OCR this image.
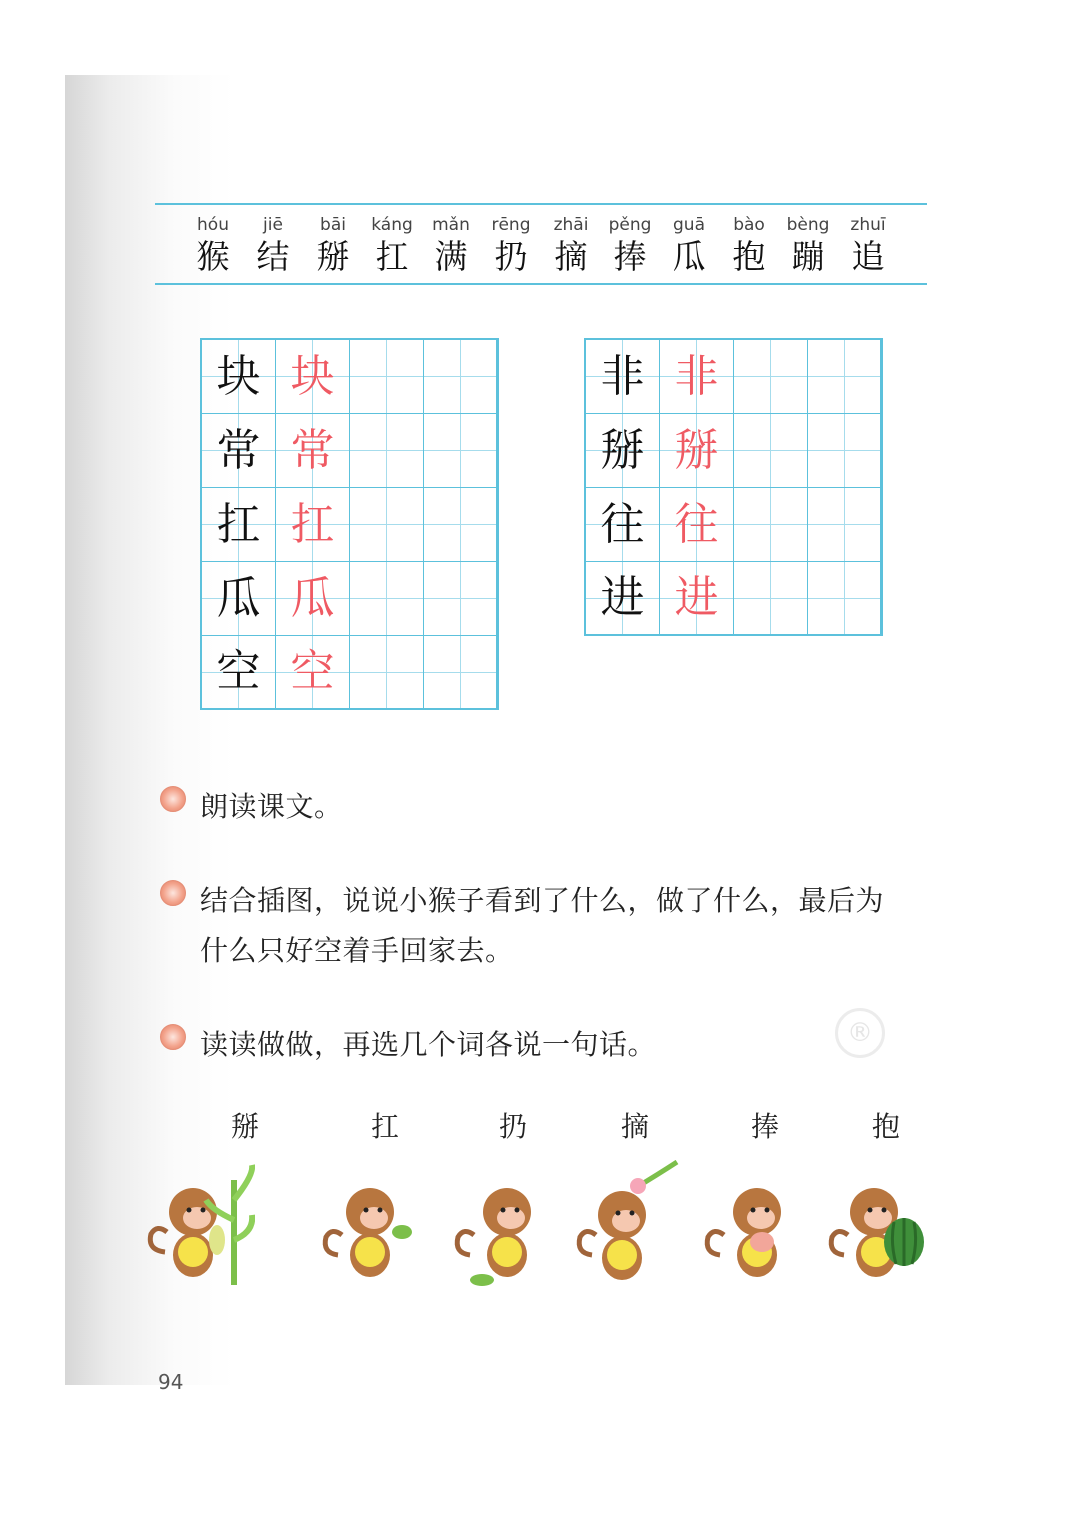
hóu
猴
jiē
结
bāi
掰
káng
扛
mǎn
满
rēng
扔
zhāi
摘
pěng
捧
guā
瓜
bào
抱
bèng
蹦
zhuī
追
块 块
常 常
扛 扛
瓜 瓜
空 空
非 非
掰 掰
往 往
进 进
®
朗读课文。
结合插图，说说小猴子看到了什么，做了什么，最后为
什么只好空着手回家去。
读读做做，再选几个词各说一句话。
掰	扛	扔	摘	捧	抱
94
